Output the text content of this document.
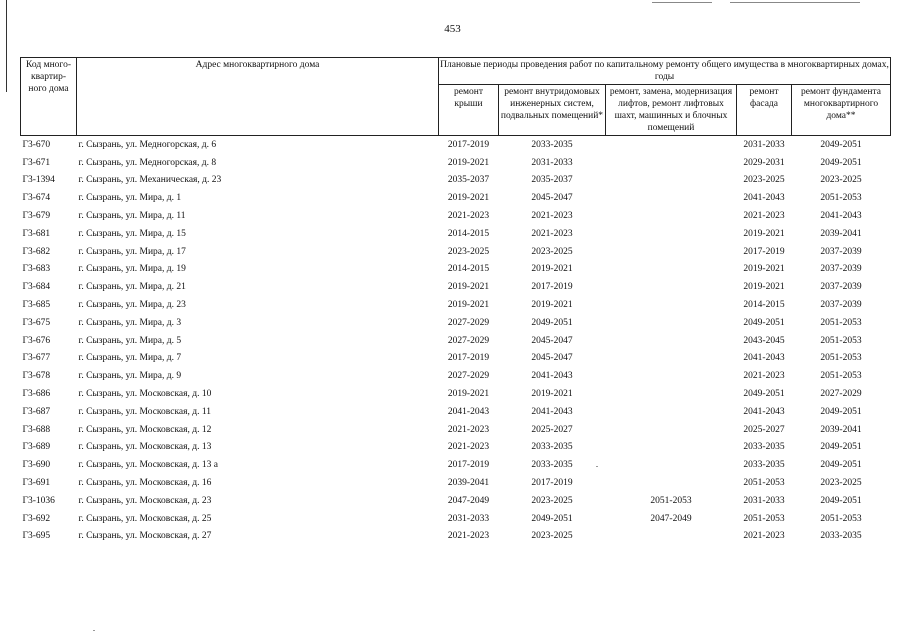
453
Код много-квартир-ного дома	Адрес многоквартирного дома	Плановые периоды проведения работ по капитальному ремонту общего имущества в многоквартирных домах, годы				
		ремонт крыши	ремонт внутридомовых инженерных систем, подвальных помещений*	ремонт, замена, модернизация лифтов, ремонт лифтовых шахт, машинных и блочных помещений	ремонт фасада	ремонт фундамента многоквартирного дома**
Г3-670	г. Сызрань, ул. Медногорская, д. 6	2017-2019	2033-2035		2031-2033	2049-2051
Г3-671	г. Сызрань, ул. Медногорская, д. 8	2019-2021	2031-2033		2029-2031	2049-2051
Г3-1394	г. Сызрань, ул. Механическая, д. 23	2035-2037	2035-2037		2023-2025	2023-2025
Г3-674	г. Сызрань, ул. Мира, д. 1	2019-2021	2045-2047		2041-2043	2051-2053
Г3-679	г. Сызрань, ул. Мира, д. 11	2021-2023	2021-2023		2021-2023	2041-2043
Г3-681	г. Сызрань, ул. Мира, д. 15	2014-2015	2021-2023		2019-2021	2039-2041
Г3-682	г. Сызрань, ул. Мира, д. 17	2023-2025	2023-2025		2017-2019	2037-2039
Г3-683	г. Сызрань, ул. Мира, д. 19	2014-2015	2019-2021		2019-2021	2037-2039
Г3-684	г. Сызрань, ул. Мира, д. 21	2019-2021	2017-2019		2019-2021	2037-2039
Г3-685	г. Сызрань, ул. Мира, д. 23	2019-2021	2019-2021		2014-2015	2037-2039
Г3-675	г. Сызрань, ул. Мира, д. 3	2027-2029	2049-2051		2049-2051	2051-2053
Г3-676	г. Сызрань, ул. Мира, д. 5	2027-2029	2045-2047		2043-2045	2051-2053
Г3-677	г. Сызрань, ул. Мира, д. 7	2017-2019	2045-2047		2041-2043	2051-2053
Г3-678	г. Сызрань, ул. Мира, д. 9	2027-2029	2041-2043		2021-2023	2051-2053
Г3-686	г. Сызрань, ул. Московская, д. 10	2019-2021	2019-2021		2049-2051	2027-2029
Г3-687	г. Сызрань, ул. Московская, д. 11	2041-2043	2041-2043		2041-2043	2049-2051
Г3-688	г. Сызрань, ул. Московская, д. 12	2021-2023	2025-2027		2025-2027	2039-2041
Г3-689	г. Сызрань, ул. Московская, д. 13	2021-2023	2033-2035		2033-2035	2049-2051
Г3-690	г. Сызрань, ул. Московская, д. 13 а	2017-2019	2033-2035		2033-2035	2049-2051
Г3-691	г. Сызрань, ул. Московская, д. 16	2039-2041	2017-2019		2051-2053	2023-2025
Г3-1036	г. Сызрань, ул. Московская, д. 23	2047-2049	2023-2025	2051-2053	2031-2033	2049-2051
Г3-692	г. Сызрань, ул. Московская, д. 25	2031-2033	2049-2051	2047-2049	2051-2053	2051-2053
Г3-695	г. Сызрань, ул. Московская, д. 27	2021-2023	2023-2025		2021-2023	2033-2035
